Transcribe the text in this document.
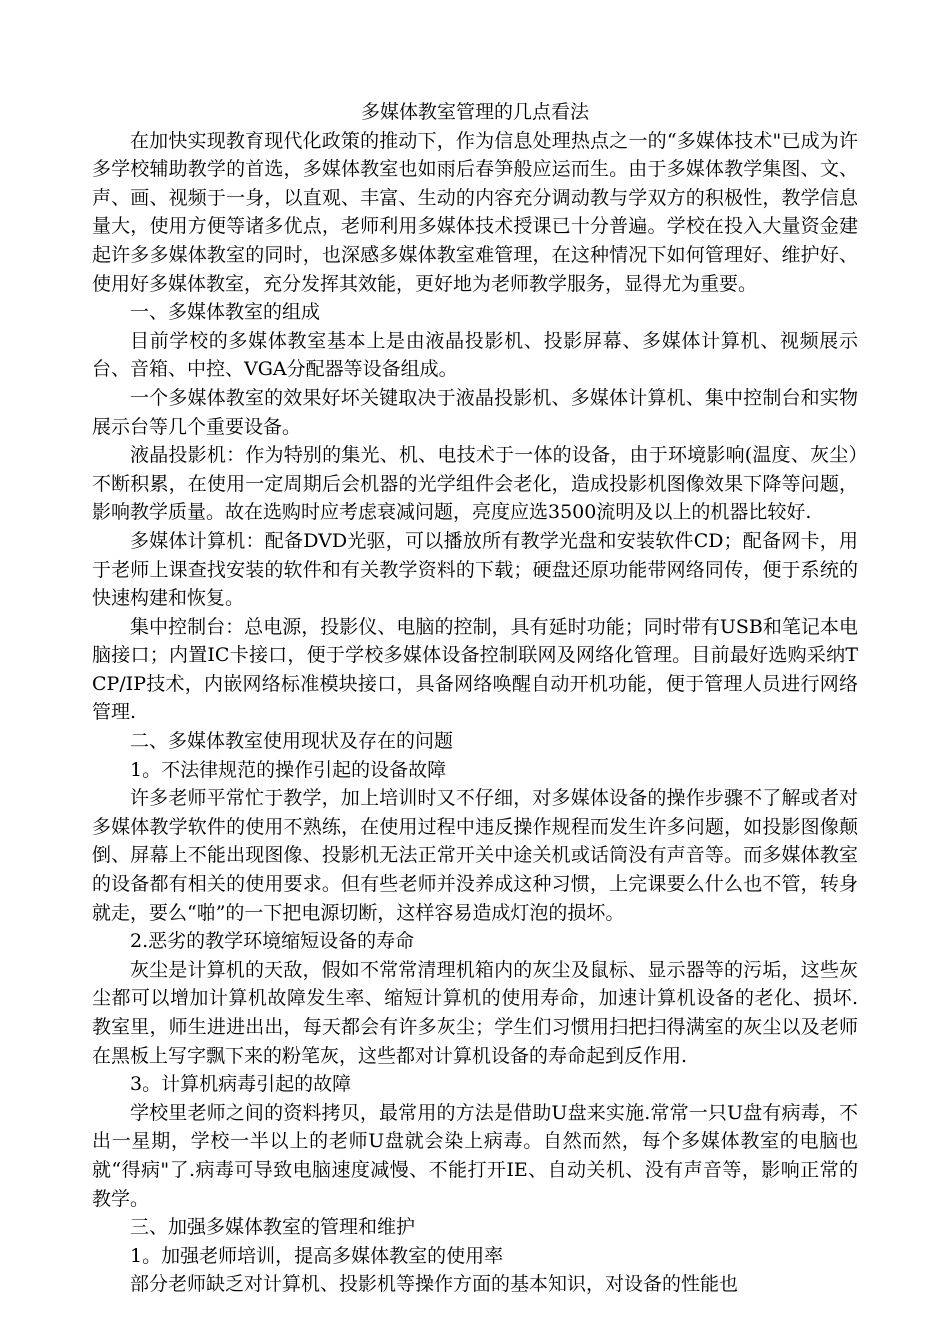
多媒体教室管理的几点看法

在加快实现教育现代化政策的推动下，作为信息处理热点之一的“多媒体技术"已成为许多学校辅助教学的首选，多媒体教室也如雨后春笋般应运而生。由于多媒体教学集图、文、声、画、视频于一身，以直观、丰富、生动的内容充分调动教与学双方的积极性，教学信息量大，使用方便等诸多优点，老师利用多媒体技术授课已十分普遍。学校在投入大量资金建起许多多媒体教室的同时，也深感多媒体教室难管理，在这种情况下如何管理好、维护好、使用好多媒体教室，充分发挥其效能，更好地为老师教学服务，显得尤为重要。

一、多媒体教室的组成

目前学校的多媒体教室基本上是由液晶投影机、投影屏幕、多媒体计算机、视频展示台、音箱、中控、VGA分配器等设备组成。

一个多媒体教室的效果好坏关键取决于液晶投影机、多媒体计算机、集中控制台和实物展示台等几个重要设备。

液晶投影机：作为特别的集光、机、电技术于一体的设备，由于环境影响(温度、灰尘）不断积累，在使用一定周期后会机器的光学组件会老化，造成投影机图像效果下降等问题，影响教学质量。故在选购时应考虑衰减问题，亮度应选3500流明及以上的机器比较好.

多媒体计算机：配备DVD光驱，可以播放所有教学光盘和安装软件CD；配备网卡，用于老师上课查找安装的软件和有关教学资料的下载；硬盘还原功能带网络同传，便于系统的快速构建和恢复。

集中控制台：总电源，投影仪、电脑的控制，具有延时功能；同时带有USB和笔记本电脑接口；内置IC卡接口，便于学校多媒体设备控制联网及网络化管理。目前最好选购采纳TCP/IP技术，内嵌网络标准模块接口，具备网络唤醒自动开机功能，便于管理人员进行网络管理.

二、多媒体教室使用现状及存在的问题

1。不法律规范的操作引起的设备故障

许多老师平常忙于教学，加上培训时又不仔细，对多媒体设备的操作步骤不了解或者对多媒体教学软件的使用不熟练，在使用过程中违反操作规程而发生许多问题，如投影图像颠倒、屏幕上不能出现图像、投影机无法正常开关中途关机或话筒没有声音等。而多媒体教室的设备都有相关的使用要求。但有些老师并没养成这种习惯，上完课要么什么也不管，转身就走，要么“啪”的一下把电源切断，这样容易造成灯泡的损坏。

2.恶劣的教学环境缩短设备的寿命

灰尘是计算机的天敌，假如不常常清理机箱内的灰尘及鼠标、显示器等的污垢，这些灰尘都可以增加计算机故障发生率、缩短计算机的使用寿命，加速计算机设备的老化、损坏.教室里，师生进进出出，每天都会有许多灰尘；学生们习惯用扫把扫得满室的灰尘以及老师在黑板上写字飘下来的粉笔灰，这些都对计算机设备的寿命起到反作用.

3。计算机病毒引起的故障

学校里老师之间的资料拷贝，最常用的方法是借助U盘来实施.常常一只U盘有病毒，不出一星期，学校一半以上的老师U盘就会染上病毒。自然而然，每个多媒体教室的电脑也就“得病"了.病毒可导致电脑速度减慢、不能打开IE、自动关机、没有声音等，影响正常的教学。

三、加强多媒体教室的管理和维护

1。加强老师培训，提高多媒体教室的使用率

部分老师缺乏对计算机、投影机等操作方面的基本知识，对设备的性能也
